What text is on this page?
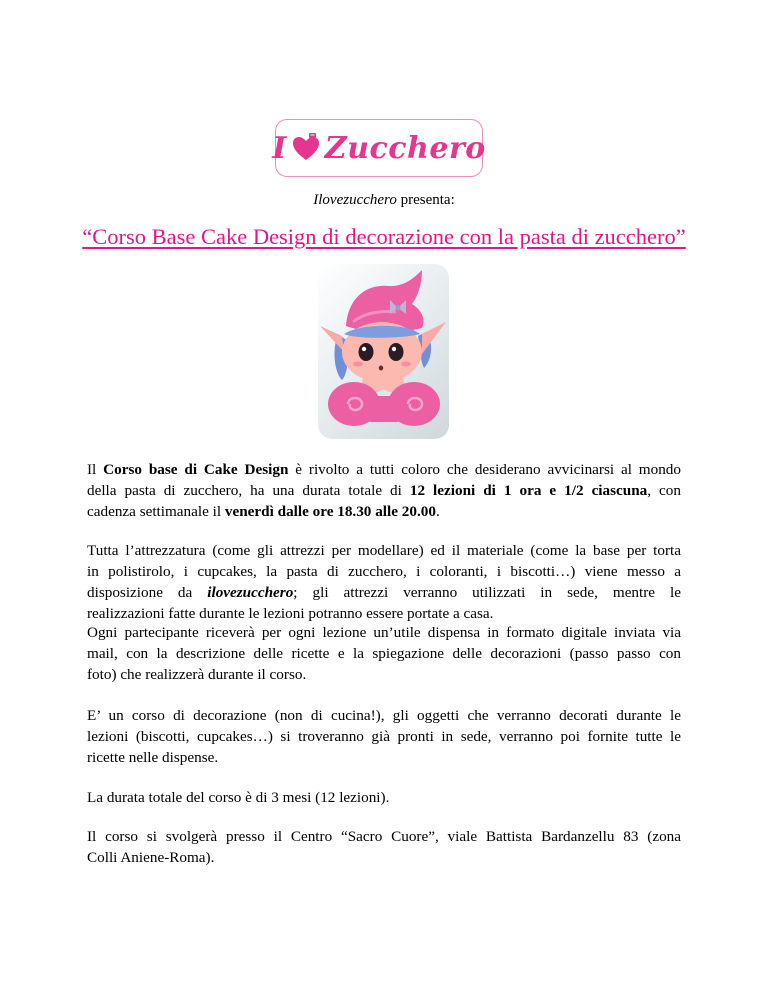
I Zucchero
Ilovezucchero presenta:
“Corso Base Cake Design di decorazione con la pasta di zucchero”

Il Corso base di Cake Design è rivolto a tutti coloro che desiderano avvicinarsi al mondo
della pasta di zucchero, ha una durata totale di 12 lezioni di 1 ora e 1/2 ciascuna, con
cadenza settimanale il venerdì dalle ore 18.30 alle 20.00.

Tutta l’attrezzatura (come gli attrezzi per modellare) ed il materiale (come la base per torta
in polistirolo, i cupcakes, la pasta di zucchero, i coloranti, i biscotti…) viene messo a
disposizione da ilovezucchero; gli attrezzi verranno utilizzati in sede, mentre le
realizzazioni fatte durante le lezioni potranno essere portate a casa.

Ogni partecipante riceverà per ogni lezione un’utile dispensa in formato digitale inviata via
mail, con la descrizione delle ricette e la spiegazione delle decorazioni (passo passo con
foto) che realizzerà durante il corso.

E’ un corso di decorazione (non di cucina!), gli oggetti che verranno decorati durante le
lezioni (biscotti, cupcakes…) si troveranno già pronti in sede, verranno poi fornite tutte le
ricette nelle dispense.

La durata totale del corso è di 3 mesi (12 lezioni).

Il corso si svolgerà presso il Centro “Sacro Cuore”, viale Battista Bardanzellu 83 (zona
Colli Aniene-Roma).
